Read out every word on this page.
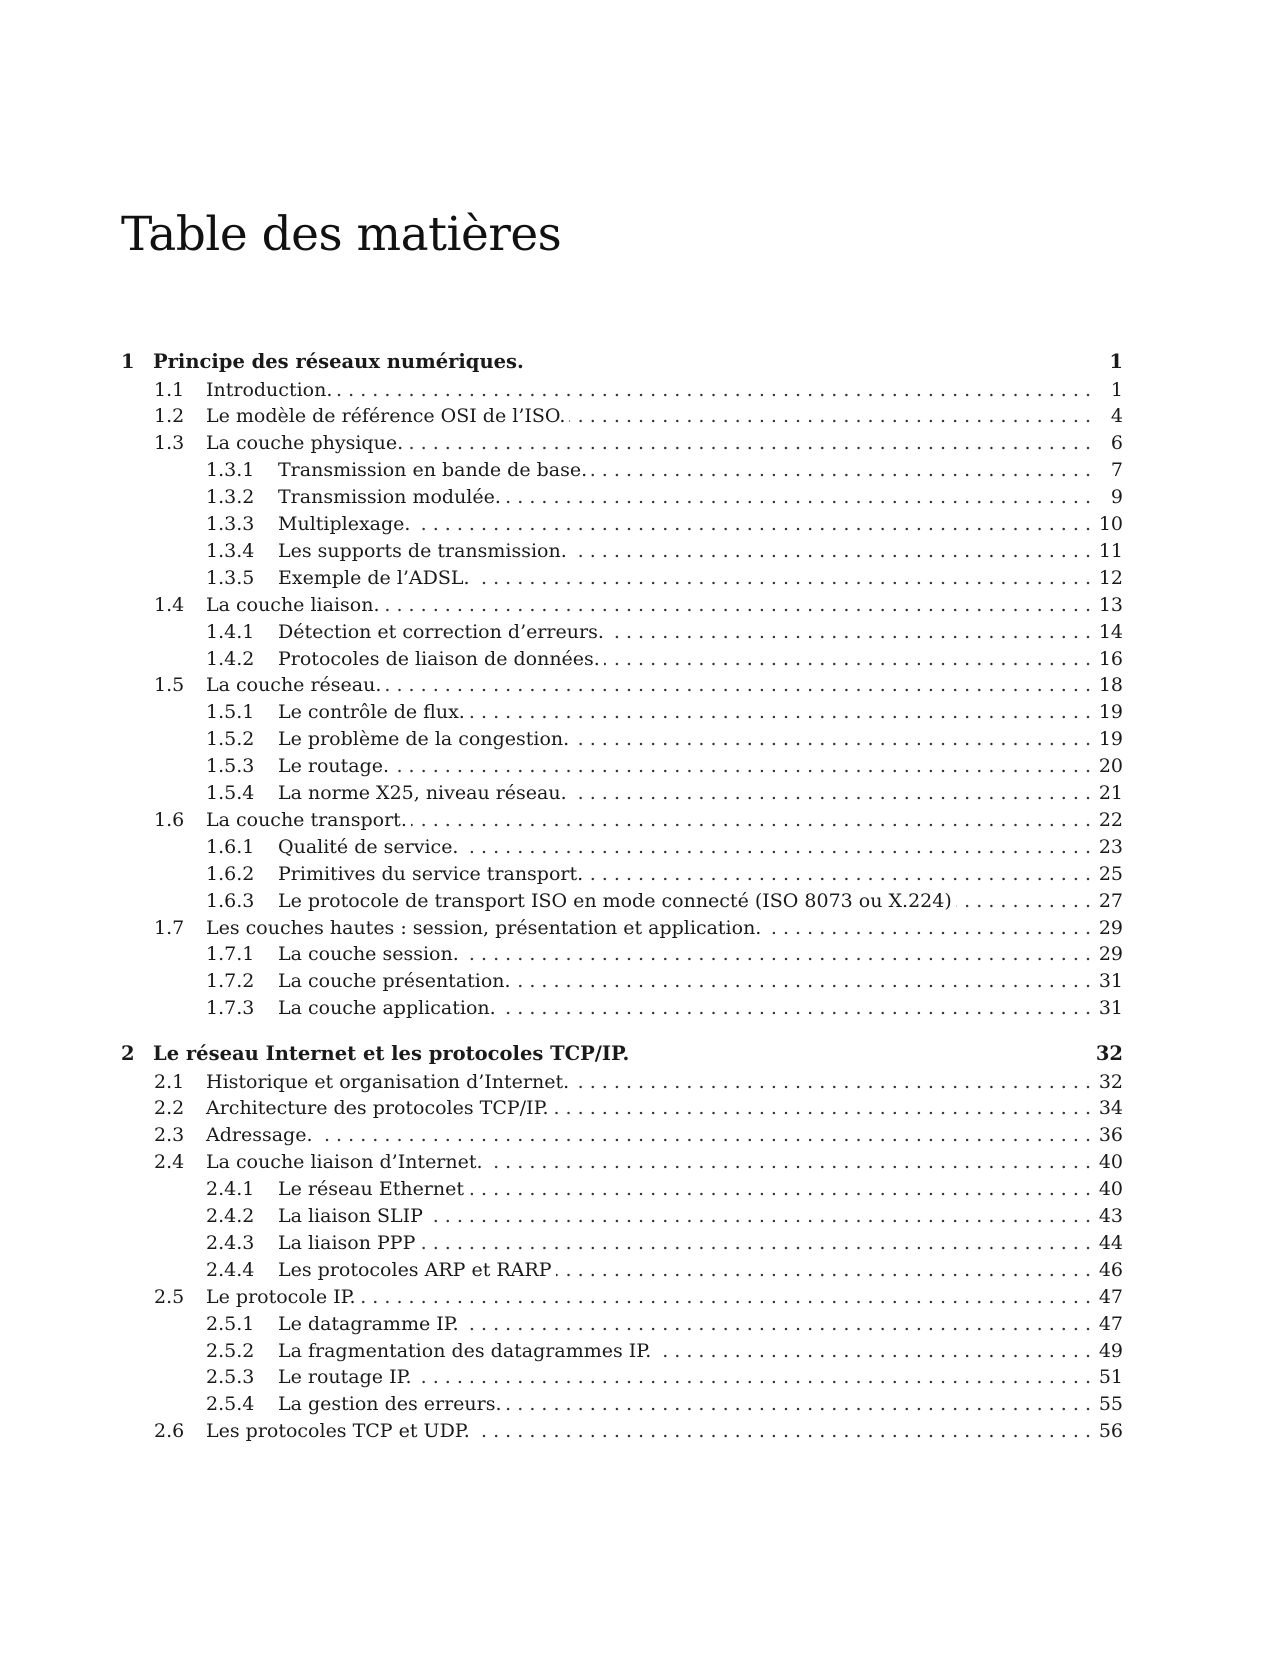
Table des matières
1 Principe des réseaux numériques.	1
1.1	Introduction. . . .	1
1.2	Le modèle de référence OSI de l’ISO. . . .	4
1.3	La couche physique. . . .	6
1.3.1	Transmission en bande de base. . . .	7
1.3.2	Transmission modulée. . . .	9
1.3.3	Multiplexage. . . .	10
1.3.4	Les supports de transmission. . . .	11
1.3.5	Exemple de l’ADSL. . . .	12
1.4	La couche liaison. . . .	13
1.4.1	Détection et correction d’erreurs. . . .	14
1.4.2	Protocoles de liaison de données. . . .	16
1.5	La couche réseau. . . .	18
1.5.1	Le contrôle de flux. . . .	19
1.5.2	Le problème de la congestion. . . .	19
1.5.3	Le routage. . . .	20
1.5.4	La norme X25, niveau réseau. . . .	21
1.6	La couche transport. . . .	22
1.6.1	Qualité de service. . . .	23
1.6.2	Primitives du service transport. . . .	25
1.6.3	Le protocole de transport ISO en mode connecté (ISO 8073 ou X.224) . . .	27
1.7	Les couches hautes : session, présentation et application. . . .	29
1.7.1	La couche session. . . .	29
1.7.2	La couche présentation. . . .	31
1.7.3	La couche application. . . .	31
2 Le réseau Internet et les protocoles TCP/IP.	32
2.1	Historique et organisation d’Internet. . . .	32
2.2	Architecture des protocoles TCP/IP. . . .	34
2.3	Adressage. . . .	36
2.4	La couche liaison d’Internet. . . .	40
2.4.1	Le réseau Ethernet . . .	40
2.4.2	La liaison SLIP . . .	43
2.4.3	La liaison PPP . . .	44
2.4.4	Les protocoles ARP et RARP . . .	46
2.5	Le protocole IP. . . .	47
2.5.1	Le datagramme IP. . . .	47
2.5.2	La fragmentation des datagrammes IP. . . .	49
2.5.3	Le routage IP. . . .	51
2.5.4	La gestion des erreurs. . . .	55
2.6	Les protocoles TCP et UDP. . . .	56
